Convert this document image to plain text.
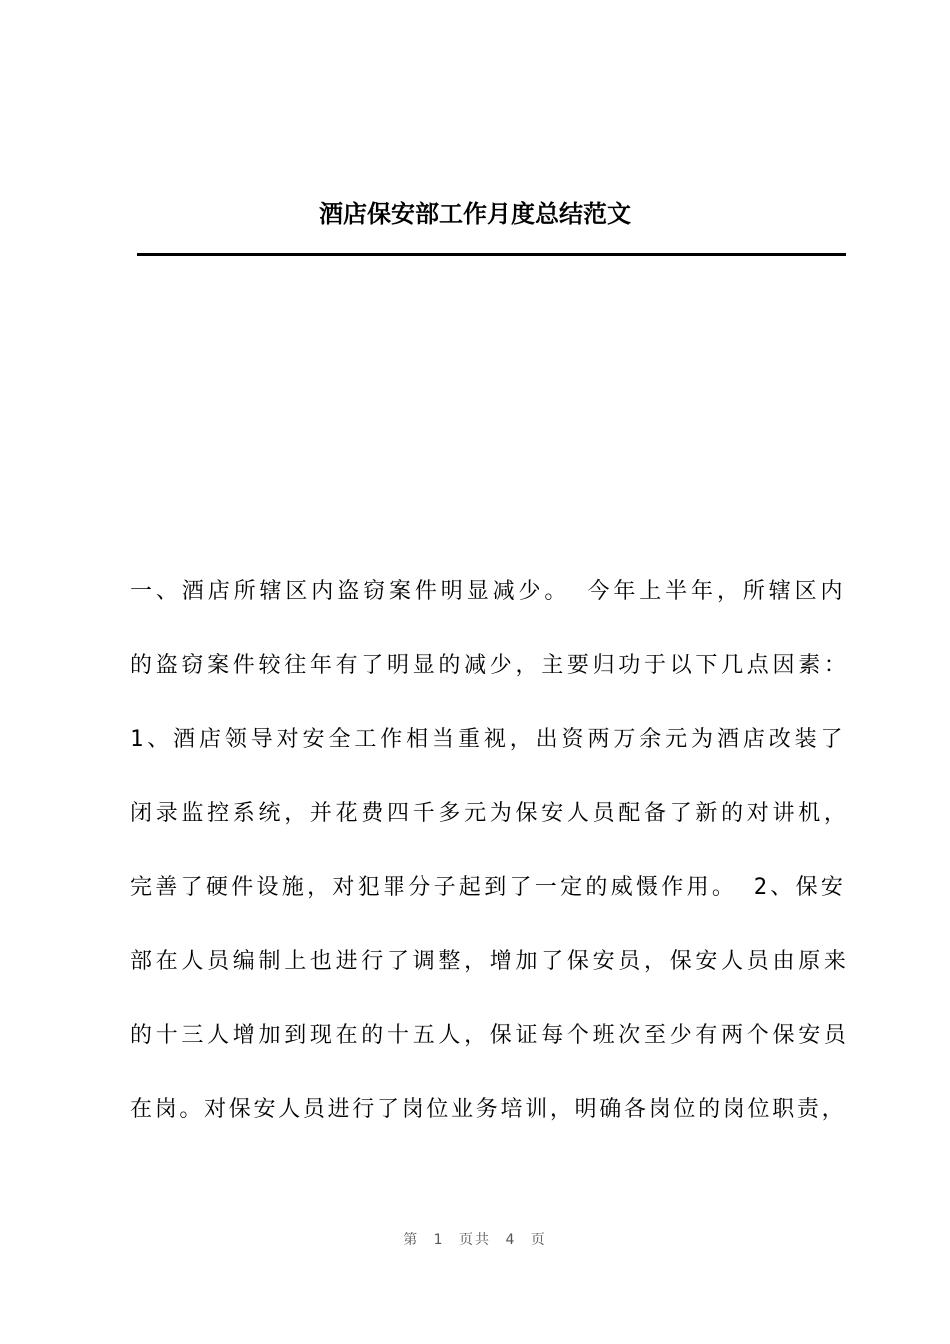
酒店保安部工作月度总结范文
一、酒店所辖区内盗窃案件明显减少。 今年上半年，所辖区内
的盗窃案件较往年有了明显的减少，主要归功于以下几点因素：
1、酒店领导对安全工作相当重视，出资两万余元为酒店改装了
闭录监控系统，并花费四千多元为保安人员配备了新的对讲机，
完善了硬件设施，对犯罪分子起到了一定的威慑作用。 2、保安
部在人员编制上也进行了调整，增加了保安员，保安人员由原来
的十三人增加到现在的十五人，保证每个班次至少有两个保安员
在岗。对保安人员进行了岗位业务培训，明确各岗位的岗位职责，
第 1 页共 4 页
